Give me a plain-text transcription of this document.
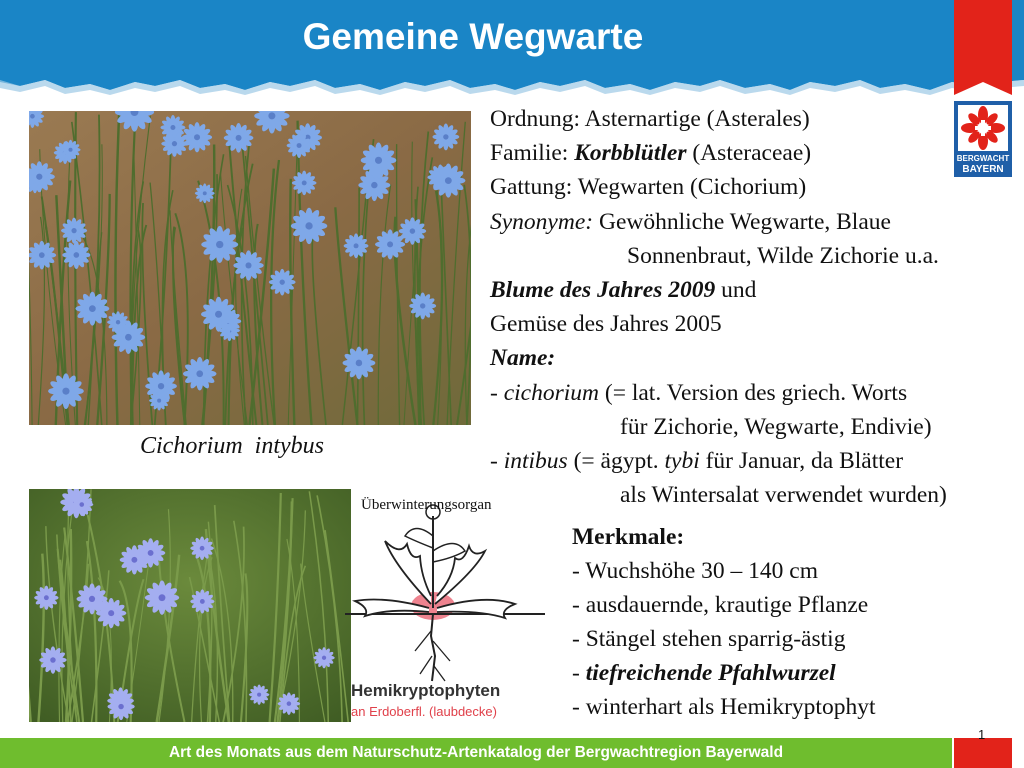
Gemeine Wegwarte
BERGWACHT
BAYERN
Cichorium  intybus
Hemikryptophyten
an Erdoberfl. (laubdecke)
Überwinterungsorgan
Ordnung: Asternartige (Asterales)
Familie: Korbblütler (Asteraceae)
Gattung: Wegwarten (Cichorium)
Synonyme: Gewöhnliche Wegwarte, Blaue
Sonnenbraut, Wilde Zichorie u.a.
Blume des Jahres 2009 und
Gemüse des Jahres 2005
Name:
- cichorium (= lat. Version des griech. Worts
für Zichorie, Wegwarte, Endivie)
- intibus (= ägypt. tybi für Januar, da Blätter
als Wintersalat verwendet wurden)
Merkmale:
- Wuchshöhe 30 – 140 cm
- ausdauernde, krautige Pflanze
- Stängel stehen sparrig-ästig
- tiefreichende Pfahlwurzel
- winterhart als Hemikryptophyt
Art des Monats aus dem Naturschutz-Artenkatalog der Bergwachtregion Bayerwald
1
